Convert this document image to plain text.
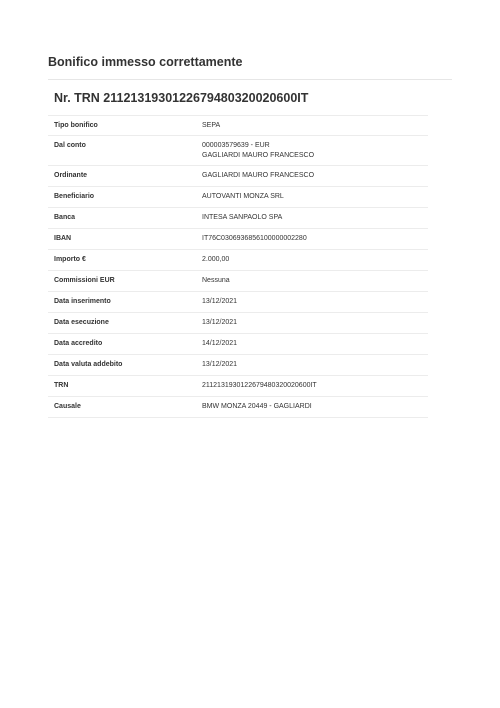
Bonifico immesso correttamente
Nr. TRN 2112131930122679480320020600IT
Tipo bonifico	SEPA
Dal conto	000003579639 - EUR
GAGLIARDI MAURO FRANCESCO
Ordinante	GAGLIARDI MAURO FRANCESCO
Beneficiario	AUTOVANTI MONZA SRL
Banca	INTESA SANPAOLO SPA
IBAN	IT76C0306936856100000002280
Importo €	2.000,00
Commissioni EUR	Nessuna
Data inserimento	13/12/2021
Data esecuzione	13/12/2021
Data accredito	14/12/2021
Data valuta addebito	13/12/2021
TRN	2112131930122679480320020600IT
Causale	BMW MONZA 20449 - GAGLIARDI
